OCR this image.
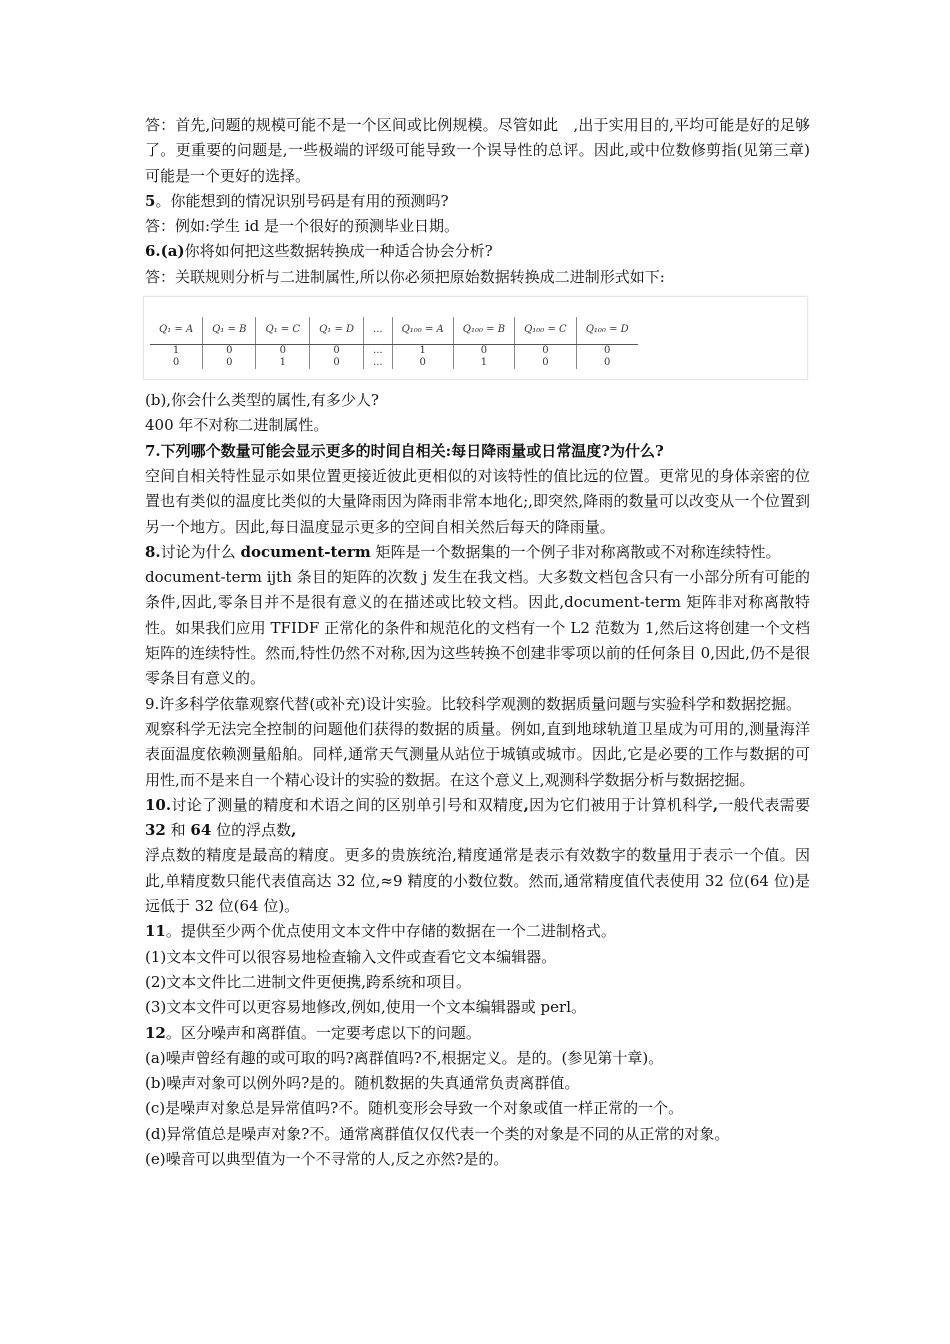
答：首先,问题的规模可能不是一个区间或比例规模。尽管如此　,出于实用目的,平均可能是好的足够了。更重要的问题是,一些极端的评级可能导致一个误导性的总评。因此,或中位数修剪指(见第三章)可能是一个更好的选择。

5。你能想到的情况识别号码是有用的预测吗?

答：例如:学生 id 是一个很好的预测毕业日期。

6.(a)你将如何把这些数据转换成一种适合协会分析?

答：关联规则分析与二进制属性,所以你必须把原始数据转换成二进制形式如下:

Q₁ = A	Q₁ = B	Q₁ = C	Q₁ = D	...	Q₁₀₀ = A	Q₁₀₀ = B	Q₁₀₀ = C	Q₁₀₀ = D
1	0	0	0	...	1	0	0	0
0	0	1	0	...	0	1	0	0

(b),你会什么类型的属性,有多少人?

400 年不对称二进制属性。

7.下列哪个数量可能会显示更多的时间自相关:每日降雨量或日常温度?为什么?

空间自相关特性显示如果位置更接近彼此更相似的对该特性的值比远的位置。更常见的身体亲密的位置也有类似的温度比类似的大量降雨因为降雨非常本地化;,即突然,降雨的数量可以改变从一个位置到另一个地方。因此,每日温度显示更多的空间自相关然后每天的降雨量。

8.讨论为什么 document-term 矩阵是一个数据集的一个例子非对称离散或不对称连续特性。

document-term ijth 条目的矩阵的次数 j 发生在我文档。大多数文档包含只有一小部分所有可能的条件,因此,零条目并不是很有意义的在描述或比较文档。因此,document-term 矩阵非对称离散特性。如果我们应用 TFIDF 正常化的条件和规范化的文档有一个 L2 范数为 1,然后这将创建一个文档矩阵的连续特性。然而,特性仍然不对称,因为这些转换不创建非零项以前的任何条目 0,因此,仍不是很零条目有意义的。

9.许多科学依靠观察代替(或补充)设计实验。比较科学观测的数据质量问题与实验科学和数据挖掘。

观察科学无法完全控制的问题他们获得的数据的质量。例如,直到地球轨道卫星成为可用的,测量海洋表面温度依赖测量船舶。同样,通常天气测量从站位于城镇或城市。因此,它是必要的工作与数据的可用性,而不是来自一个精心设计的实验的数据。在这个意义上,观测科学数据分析与数据挖掘。

10.讨论了测量的精度和术语之间的区别单引号和双精度,因为它们被用于计算机科学,一般代表需要 32 和 64 位的浮点数,

浮点数的精度是最高的精度。更多的贵族统治,精度通常是表示有效数字的数量用于表示一个值。因此,单精度数只能代表值高达 32 位,≈9 精度的小数位数。然而,通常精度值代表使用 32 位(64 位)是远低于 32 位(64 位)。

11。提供至少两个优点使用文本文件中存储的数据在一个二进制格式。

(1)文本文件可以很容易地检查输入文件或查看它文本编辑器。

(2)文本文件比二进制文件更便携,跨系统和项目。

(3)文本文件可以更容易地修改,例如,使用一个文本编辑器或 perl。

12。区分噪声和离群值。一定要考虑以下的问题。

(a)噪声曾经有趣的或可取的吗?离群值吗?不,根据定义。是的。(参见第十章)。

(b)噪声对象可以例外吗?是的。随机数据的失真通常负责离群值。

(c)是噪声对象总是异常值吗?不。随机变形会导致一个对象或值一样正常的一个。

(d)异常值总是噪声对象?不。通常离群值仅仅代表一个类的对象是不同的从正常的对象。

(e)噪音可以典型值为一个不寻常的人,反之亦然?是的。
